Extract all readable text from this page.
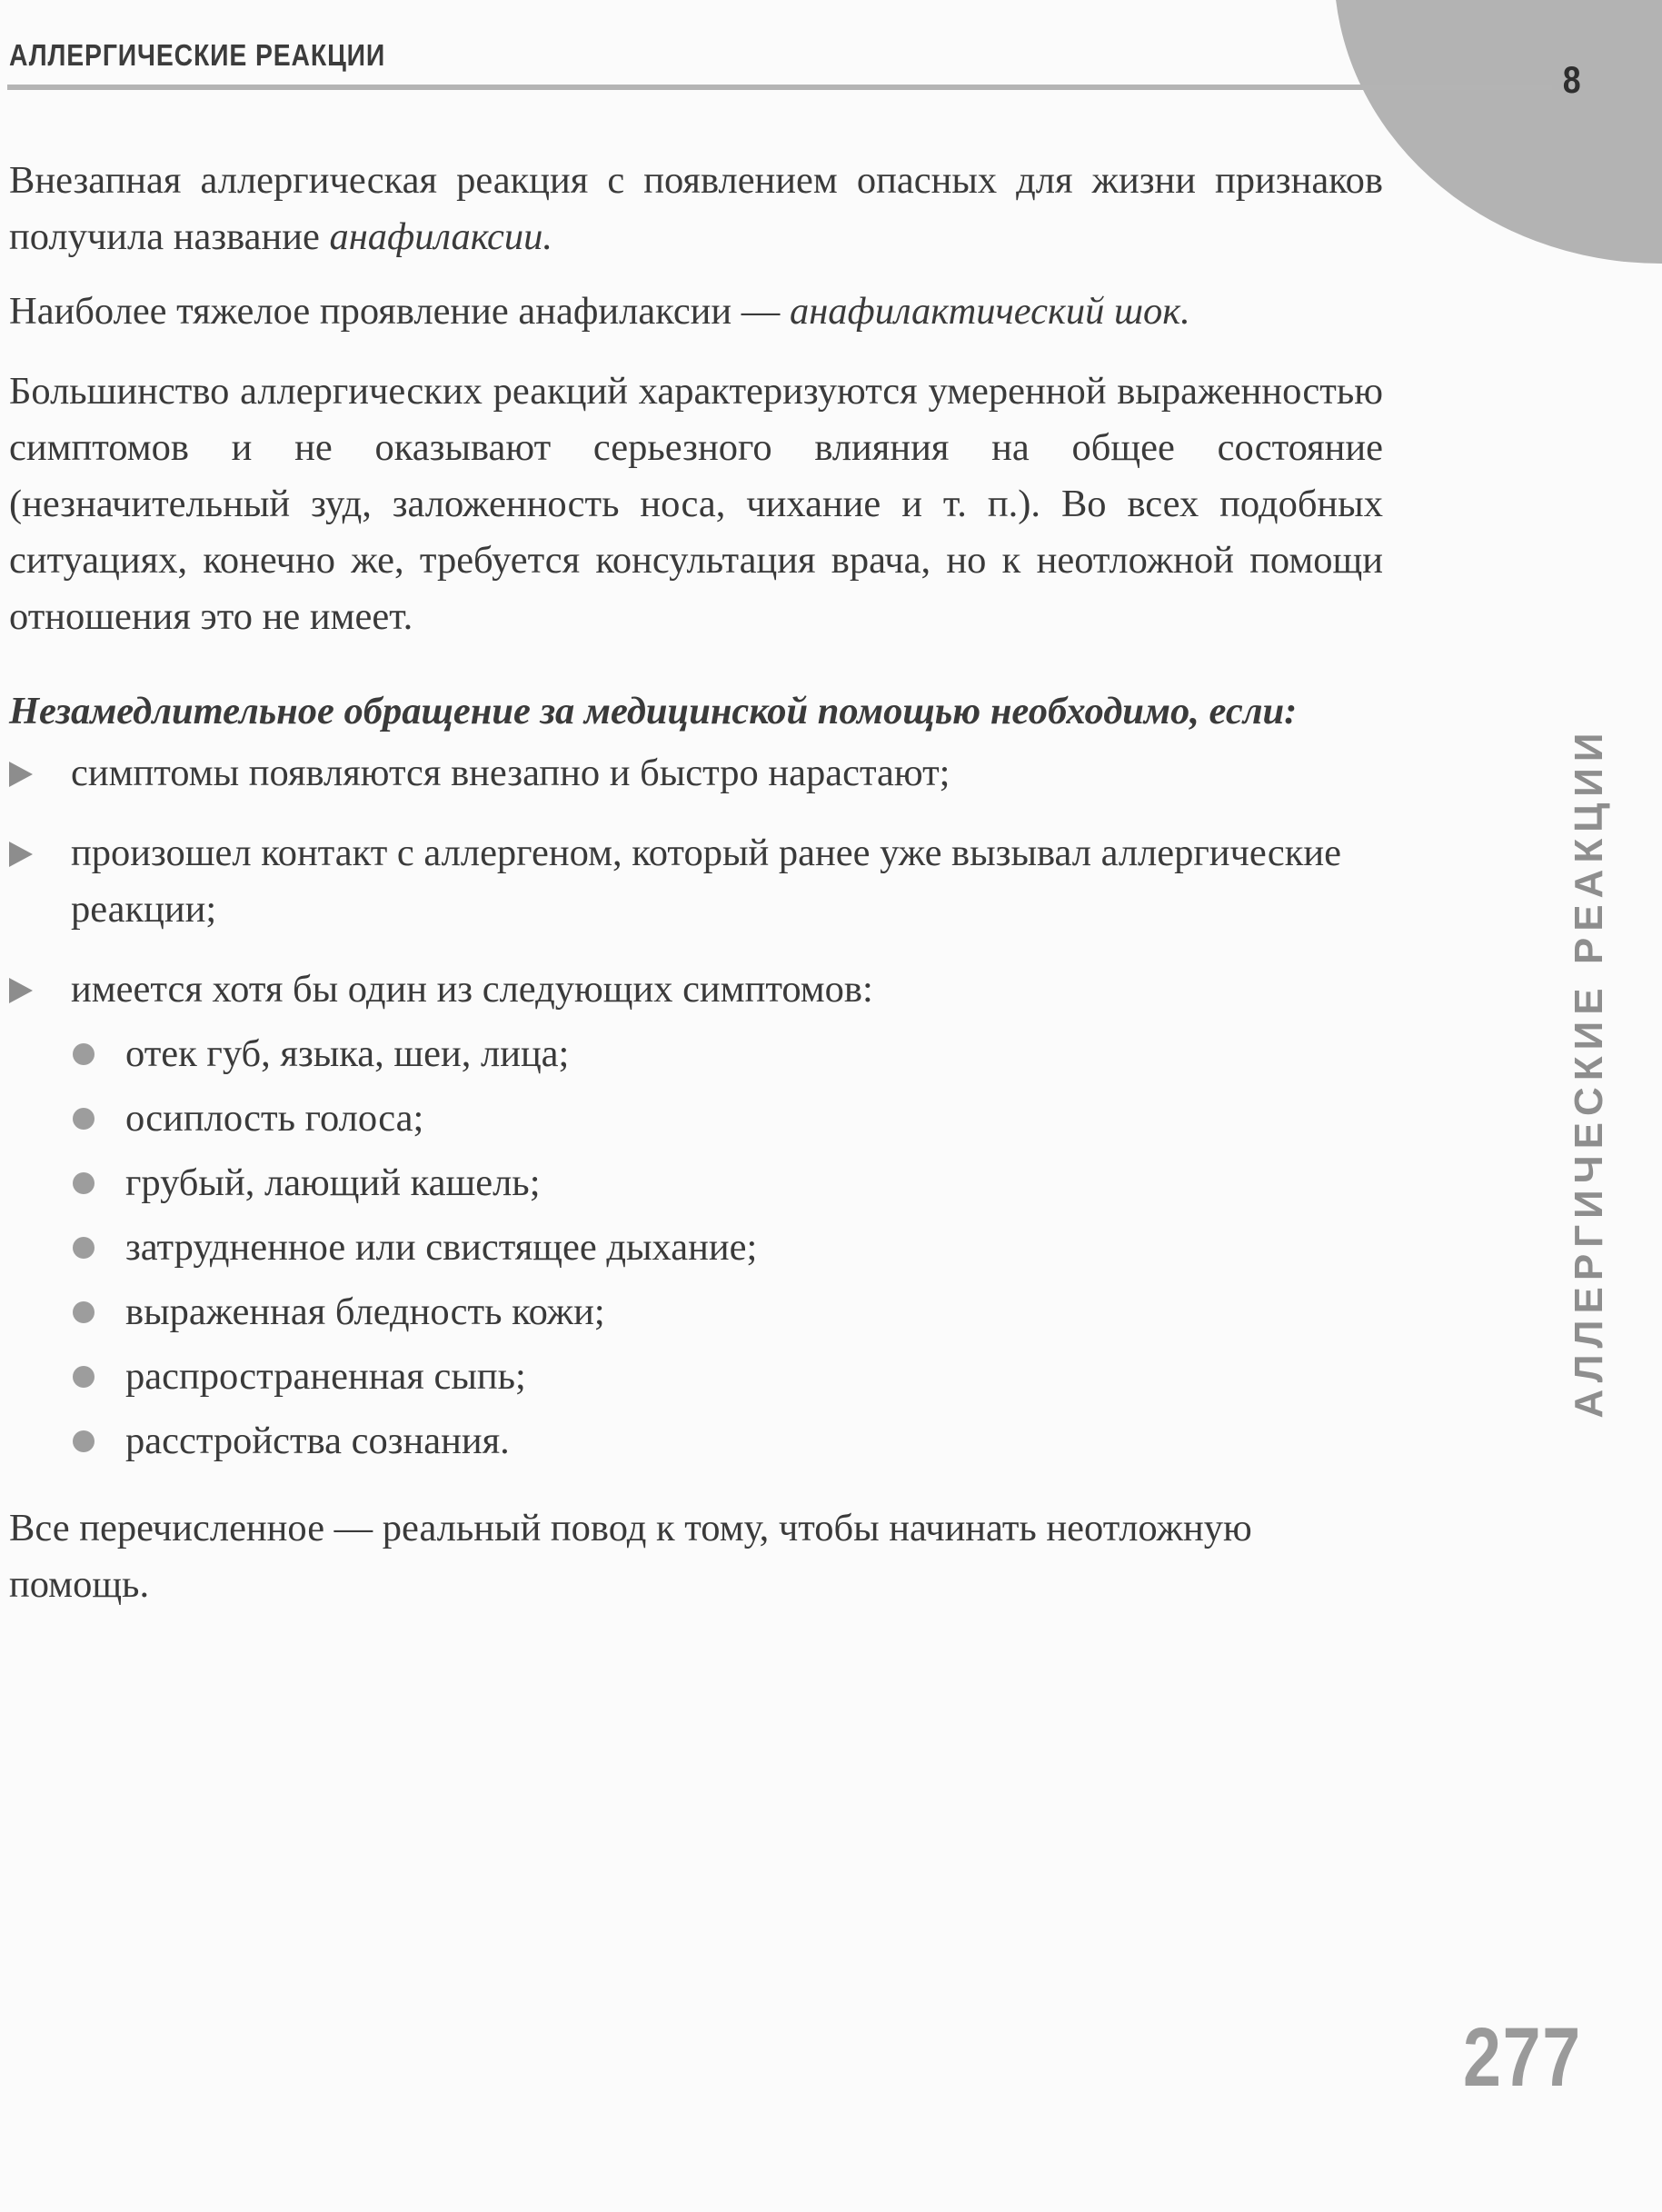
АЛЛЕРГИЧЕСКИЕ РЕАКЦИИ
8
АЛЛЕРГИЧЕСКИЕ РЕАКЦИИ

Внезапная аллергическая реакция с появлением опасных для жизни признаков получила название анафилаксии.

Наиболее тяжелое проявление анафилаксии — анафилактический шок.

Большинство аллергических реакций характеризуются умеренной выраженностью симптомов и не оказывают серьезного влияния на общее состояние (незначительный зуд, заложенность носа, чихание и т. п.). Во всех подобных ситуациях, конечно же, требуется консультация врача, но к неотложной помощи отношения это не имеет.

Незамедлительное обращение за медицинской помощью необходимо, если:

симптомы появляются внезапно и быстро нарастают;
произошел контакт с аллергеном, который ранее уже вызывал аллергические реакции;
имеется хотя бы один из следующих симптомов:
отек губ, языка, шеи, лица;
осиплость голоса;
грубый, лающий кашель;
затрудненное или свистящее дыхание;
выраженная бледность кожи;
распространенная сыпь;
расстройства сознания.

Все перечисленное — реальный повод к тому, чтобы начинать неотложную помощь.

277
